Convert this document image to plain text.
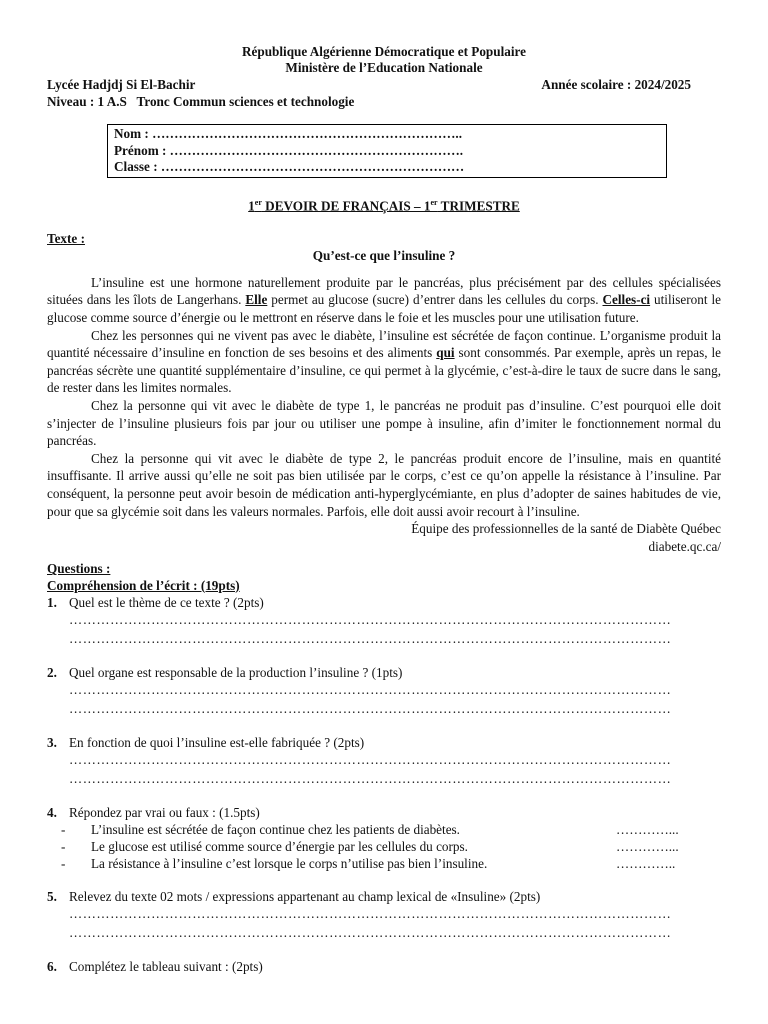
République Algérienne Démocratique et Populaire
Ministère de l’Education Nationale
Lycée Hadjdj Si El-Bachir	Année scolaire : 2024/2025
Niveau : 1 A.S   Tronc Commun sciences et technologie
Nom : ……………………………………………………………..
Prénom : ………………………………………………………….
Classe : ……………………………………………………………
1er DEVOIR DE FRANÇAIS – 1er TRIMESTRE
Texte :
Qu’est-ce que l’insuline ?

L’insuline est une hormone naturellement produite par le pancréas, plus précisément par des cellules spécialisées situées dans les îlots de Langerhans. Elle permet au glucose (sucre) d’entrer dans les cellules du corps. Celles-ci utiliseront le glucose comme source d’énergie ou le mettront en réserve dans le foie et les muscles pour une utilisation future.

Chez les personnes qui ne vivent pas avec le diabète, l’insuline est sécrétée de façon continue. L’organisme produit la quantité nécessaire d’insuline en fonction de ses besoins et des aliments qui sont consommés. Par exemple, après un repas, le pancréas sécrète une quantité supplémentaire d’insuline, ce qui permet à la glycémie, c’est-à-dire le taux de sucre dans le sang, de rester dans les limites normales.

Chez la personne qui vit avec le diabète de type 1, le pancréas ne produit pas d’insuline. C’est pourquoi elle doit s’injecter de l’insuline plusieurs fois par jour ou utiliser une pompe à insuline, afin d’imiter le fonctionnement normal du pancréas.

Chez la personne qui vit avec le diabète de type 2, le pancréas produit encore de l’insuline, mais en quantité insuffisante. Il arrive aussi qu’elle ne soit pas bien utilisée par le corps, c’est ce qu’on appelle la résistance à l’insuline. Par conséquent, la personne peut avoir besoin de médication anti-hyperglycémiante, en plus d’adopter de saines habitudes de vie, pour que sa glycémie soit dans les valeurs normales. Parfois, elle doit aussi avoir recourt à l’insuline.

Équipe des professionnelles de la santé de Diabète Québec
diabete.qc.ca/
Questions :
Compréhension de l’écrit : (19pts)
1. Quel est le thème de ce texte ? (2pts)
……………………………………………………………………………………………………………………
……………………………………………………………………………………………………………………
2. Quel organe est responsable de la production l’insuline ? (1pts)
……………………………………………………………………………………………………………………
……………………………………………………………………………………………………………………
3. En fonction de quoi l’insuline est-elle fabriquée ? (2pts)
……………………………………………………………………………………………………………………
……………………………………………………………………………………………………………………
4. Répondez par vrai ou faux : (1.5pts)
-	L’insuline est sécrétée de façon continue chez les patients de diabètes.	…………...
-	Le glucose est utilisé comme source d’énergie par les cellules du corps.	…………...
-	La résistance à l’insuline c’est lorsque le corps n’utilise pas bien l’insuline.	…………..
5. Relevez du texte 02 mots / expressions appartenant au champ lexical de «Insuline» (2pts)
……………………………………………………………………………………………………………………
……………………………………………………………………………………………………………………
6. Complétez le tableau suivant : (2pts)
